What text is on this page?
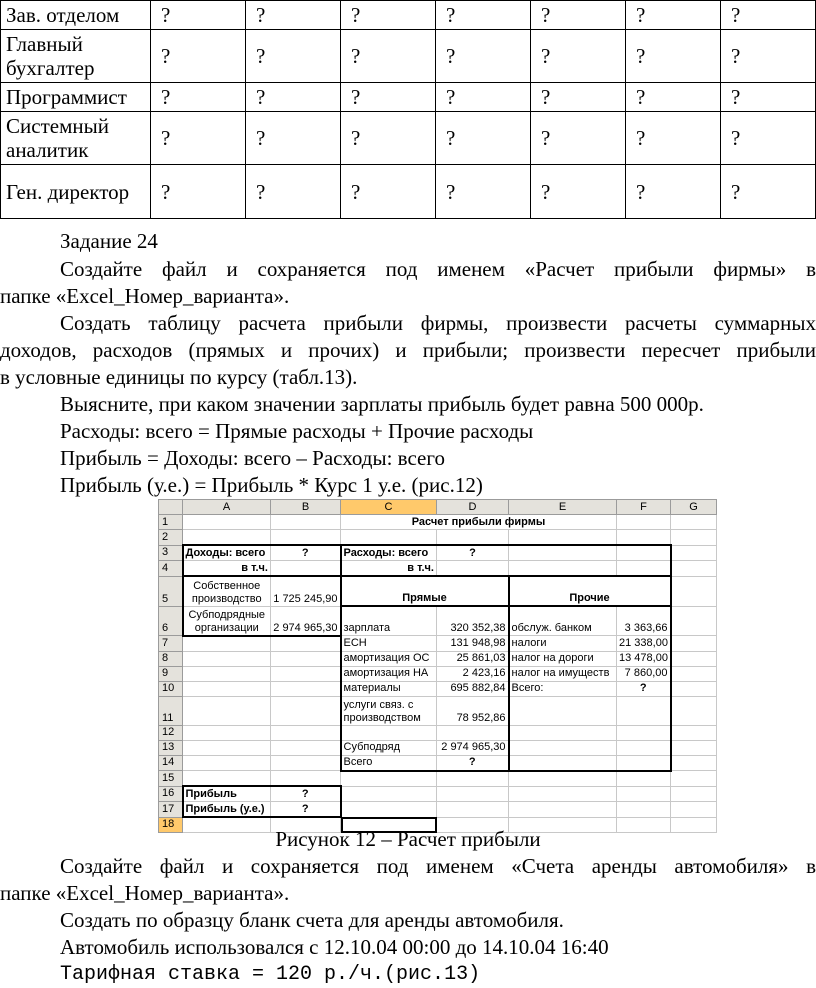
Зав. отделом	?	?	?	?	?	?	?
Главный бухгалтер	?	?	?	?	?	?	?
Программист	?	?	?	?	?	?	?
Системный аналитик	?	?	?	?	?	?	?
Ген. директор	?	?	?	?	?	?	?
Задание 24
Создайте файл и сохраняется под именем «Расчет прибыли фирмы» в
папке «Excel_Номер_варианта».
Создать таблицу расчета прибыли фирмы, произвести расчеты суммарных
доходов, расходов (прямых и прочих) и прибыли; произвести пересчет прибыли
в условные единицы по курсу (табл.13).
Выясните, при каком значении зарплаты прибыль будет равна 500 000р.
Расходы: всего = Прямые расходы + Прочие расходы
Прибыль = Доходы: всего – Расходы: всего
Прибыль (у.е.) = Прибыль * Курс 1 у.е. (рис.12)
	A	B	C	D	E	F	G
1			Расчет прибыли фирмы				
2							
3	Доходы: всего	?	Расходы: всего	?			
4	в т.ч.		в т.ч.				
5	Собственное производство	1 725 245,90	Прямые		Прочие		
6	Субподрядные организации	2 974 965,30	зарплата	320 352,38	обслуж. банком	3 363,66	
7			ЕСН	131 948,98	налоги	21 338,00	
8			амортизация ОС	25 861,03	налог на дороги	13 478,00	
9			амортизация НА	2 423,16	налог на имуществ	7 860,00	
10			материалы	695 882,84	Всего:	?	
11			услуги связ. с производством	78 952,86			
12							
13			Субподряд	2 974 965,30			
14			Всего	?			
15							
16	Прибыль	?					
17	Прибыль (у.е.)	?					
18							
Рисунок 12 – Расчет прибыли
Создайте файл и сохраняется под именем «Счета аренды автомобиля» в
папке «Excel_Номер_варианта».
Создать по образцу бланк счета для аренды автомобиля.
Автомобиль использовался с 12.10.04 00:00 до 14.10.04 16:40
Тарифная ставка = 120 р./ч.(рис.13)
